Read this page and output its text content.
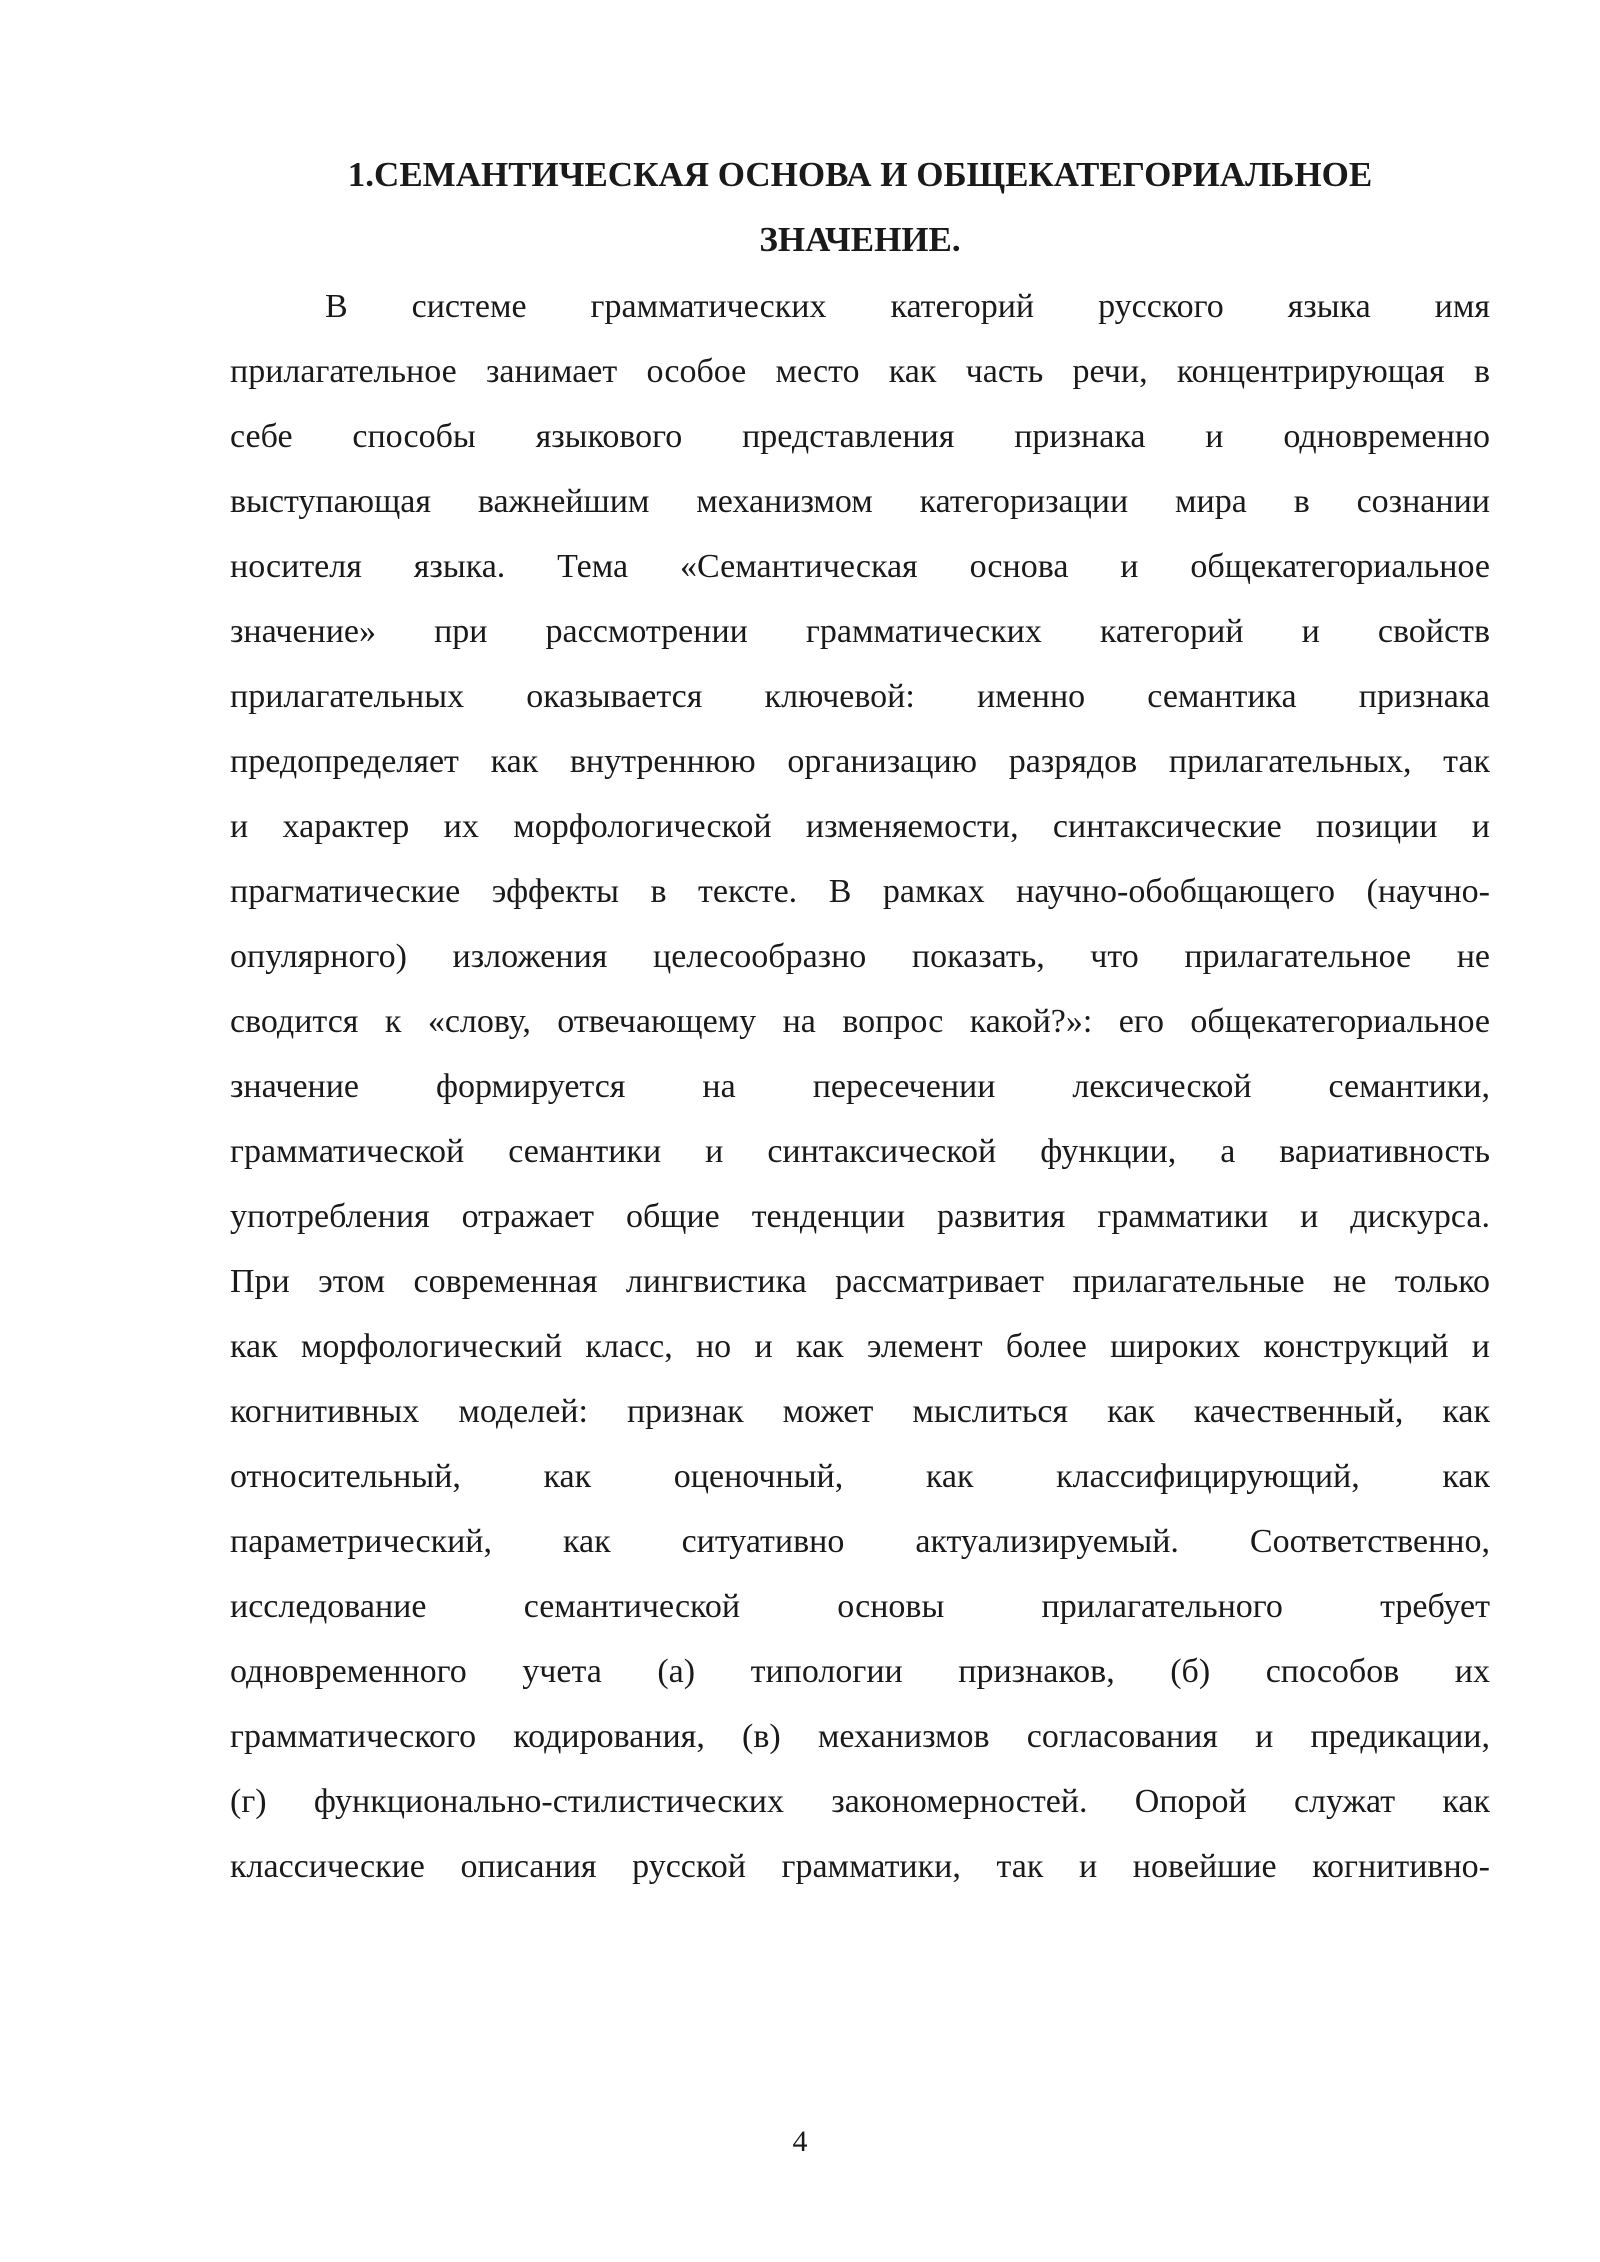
1.СЕМАНТИЧЕСКАЯ ОСНОВА И ОБЩЕКАТЕГОРИАЛЬНОЕ
ЗНАЧЕНИЕ.
В системе грамматических категорий русского языка имя
прилагательное занимает особое место как часть речи, концентрирующая в
себе способы языкового представления признака и одновременно
выступающая важнейшим механизмом категоризации мира в сознании
носителя языка. Тема «Семантическая основа и общекатегориальное
значение» при рассмотрении грамматических категорий и свойств
прилагательных оказывается ключевой: именно семантика признака
предопределяет как внутреннюю организацию разрядов прилагательных, так
и характер их морфологической изменяемости, синтаксические позиции и
прагматические эффекты в тексте. В рамках научно-обобщающего (научно-
опулярного) изложения целесообразно показать, что прилагательное не
сводится к «слову, отвечающему на вопрос какой?»: его общекатегориальное
значение формируется на пересечении лексической семантики,
грамматической семантики и синтаксической функции, а вариативность
употребления отражает общие тенденции развития грамматики и дискурса.
При этом современная лингвистика рассматривает прилагательные не только
как морфологический класс, но и как элемент более широких конструкций и
когнитивных моделей: признак может мыслиться как качественный, как
относительный, как оценочный, как классифицирующий, как
параметрический, как ситуативно актуализируемый. Соответственно,
исследование семантической основы прилагательного требует
одновременного учета (а) типологии признаков, (б) способов их
грамматического кодирования, (в) механизмов согласования и предикации,
(г) функционально-стилистических закономерностей. Опорой служат как
классические описания русской грамматики, так и новейшие когнитивно-
4
